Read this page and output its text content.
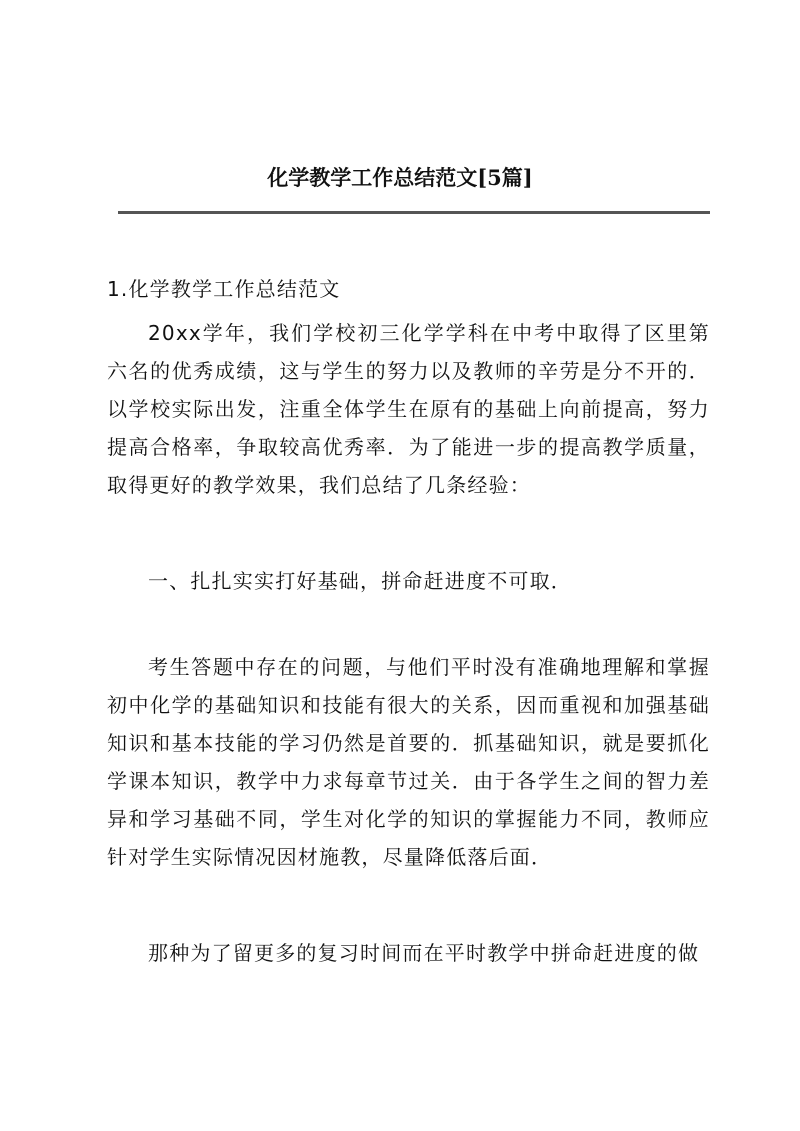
化学教学工作总结范文[5篇]

1.化学教学工作总结范文

20xx学年，我们学校初三化学学科在中考中取得了区里第六名的优秀成绩，这与学生的努力以及教师的辛劳是分不开的．以学校实际出发，注重全体学生在原有的基础上向前提高，努力提高合格率，争取较高优秀率．为了能进一步的提高教学质量，取得更好的教学效果，我们总结了几条经验：

一、扎扎实实打好基础，拼命赶进度不可取．

考生答题中存在的问题，与他们平时没有准确地理解和掌握初中化学的基础知识和技能有很大的关系，因而重视和加强基础知识和基本技能的学习仍然是首要的．抓基础知识，就是要抓化学课本知识，教学中力求每章节过关．由于各学生之间的智力差异和学习基础不同，学生对化学的知识的掌握能力不同，教师应针对学生实际情况因材施教，尽量降低落后面．

那种为了留更多的复习时间而在平时教学中拼命赶进度的做
